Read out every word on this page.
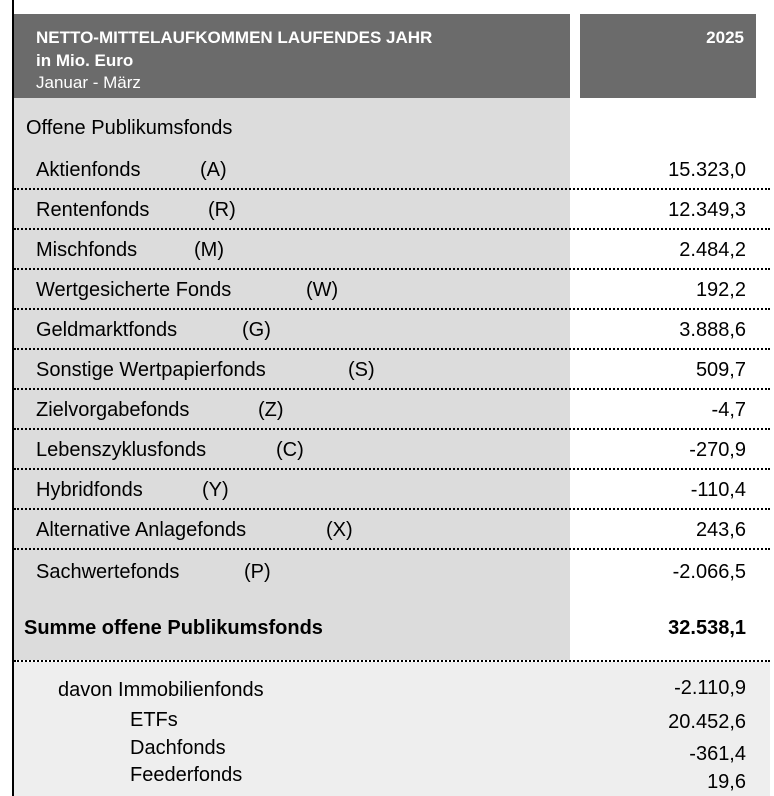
NETTO-MITTELAUFKOMMEN LAUFENDES JAHR
in Mio. Euro
Januar - März
2025
Offene Publikumsfonds
Aktienfonds	(A)	15.323,0
Rentenfonds	(R)	12.349,3
Mischfonds	(M)	2.484,2
Wertgesicherte Fonds	(W)	192,2
Geldmarktfonds	(G)	3.888,6
Sonstige Wertpapierfonds	(S)	509,7
Zielvorgabefonds	(Z)	-4,7
Lebenszyklusfonds	(C)	-270,9
Hybridfonds	(Y)	-110,4
Alternative Anlagefonds	(X)	243,6
Sachwertefonds	(P)	-2.066,5
Summe offene Publikumsfonds	32.538,1
davon Immobilienfonds	-2.110,9
ETFs	20.452,6
Dachfonds	-361,4
Feederfonds	19,6
